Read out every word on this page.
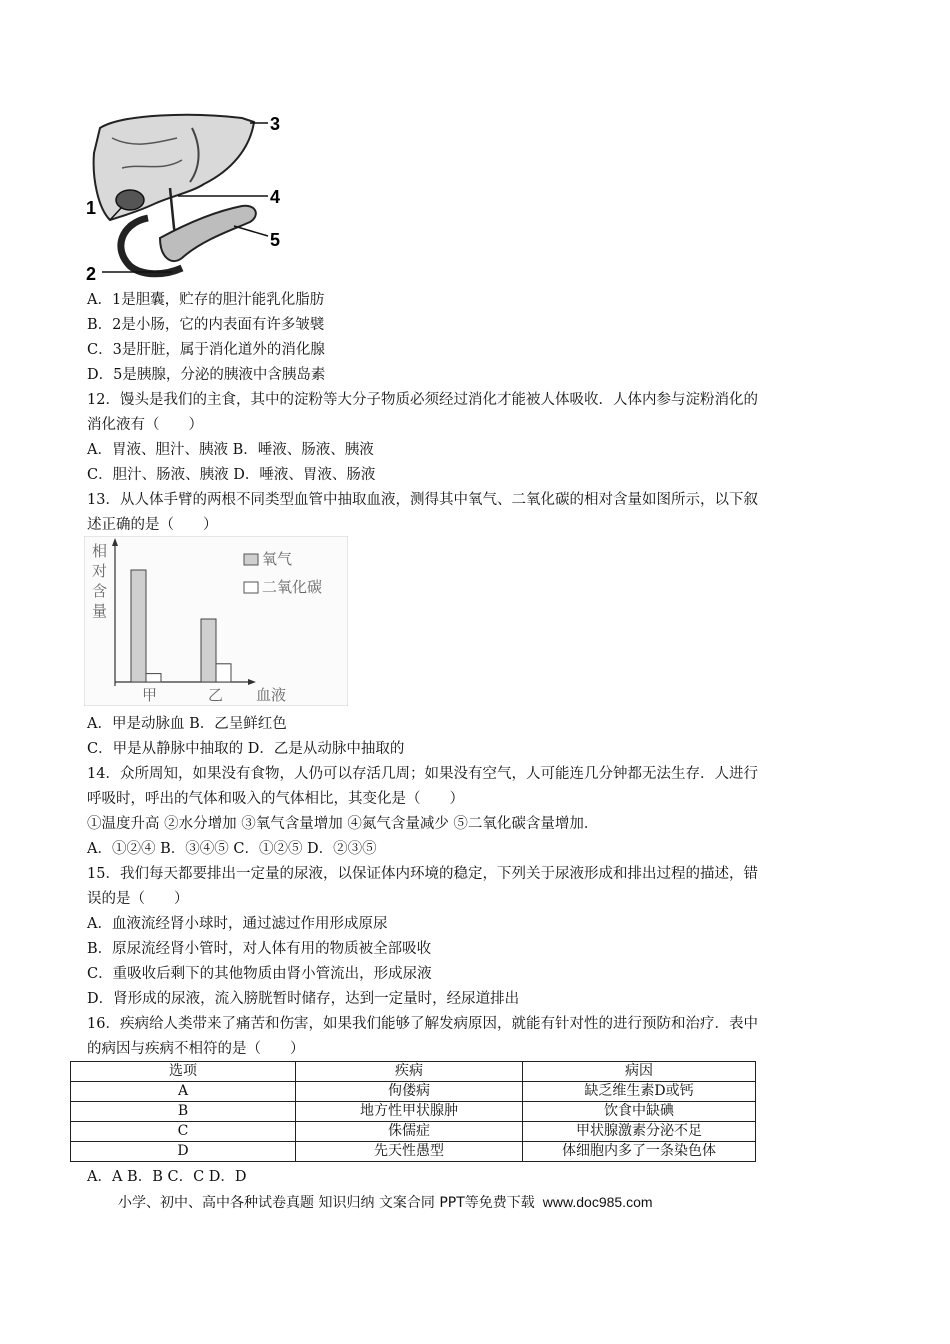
3
4
1
5
2
A．1是胆囊，贮存的胆汁能乳化脂肪
B．2是小肠，它的内表面有许多皱襞
C．3是肝脏，属于消化道外的消化腺
D．5是胰腺，分泌的胰液中含胰岛素
12．馒头是我们的主食，其中的淀粉等大分子物质必须经过消化才能被人体吸收．人体内参与淀粉消化的
消化液有（　　）
A．胃液、胆汁、胰液 B．唾液、肠液、胰液
C．胆汁、肠液、胰液 D．唾液、胃液、肠液
13．从人体手臂的两根不同类型血管中抽取血液，测得其中氧气、二氧化碳的相对含量如图所示，以下叙
述正确的是（　　）
相
对
含
量
氧气
二氧化碳
甲	乙 血液
A．甲是动脉血 B．乙呈鲜红色
C．甲是从静脉中抽取的 D．乙是从动脉中抽取的
14．众所周知，如果没有食物，人仍可以存活几周；如果没有空气，人可能连几分钟都无法生存．人进行
呼吸时，呼出的气体和吸入的气体相比，其变化是（　　）
①温度升高 ②水分增加 ③氧气含量增加 ④氮气含量减少 ⑤二氧化碳含量增加．
A．①②④ B．③④⑤ C．①②⑤ D．②③⑤
15．我们每天都要排出一定量的尿液，以保证体内环境的稳定，下列关于尿液形成和排出过程的描述，错
误的是（　　）
A．血液流经肾小球时，通过滤过作用形成原尿
B．原尿流经肾小管时，对人体有用的物质被全部吸收
C．重吸收后剩下的其他物质由肾小管流出，形成尿液
D．肾形成的尿液，流入膀胱暂时储存，达到一定量时，经尿道排出
16．疾病给人类带来了痛苦和伤害，如果我们能够了解发病原因，就能有针对性的进行预防和治疗．表中
的病因与疾病不相符的是（　　）
选项	疾病	病因
A	佝偻病	缺乏维生素D或钙
B	地方性甲状腺肿	饮食中缺碘
C	侏儒症	甲状腺激素分泌不足
D	先天性愚型	体细胞内多了一条染色体
A．A B．B C．C D．D
小学、初中、高中各种试卷真题 知识归纳 文案合同 PPT等免费下载 www.doc985.com
